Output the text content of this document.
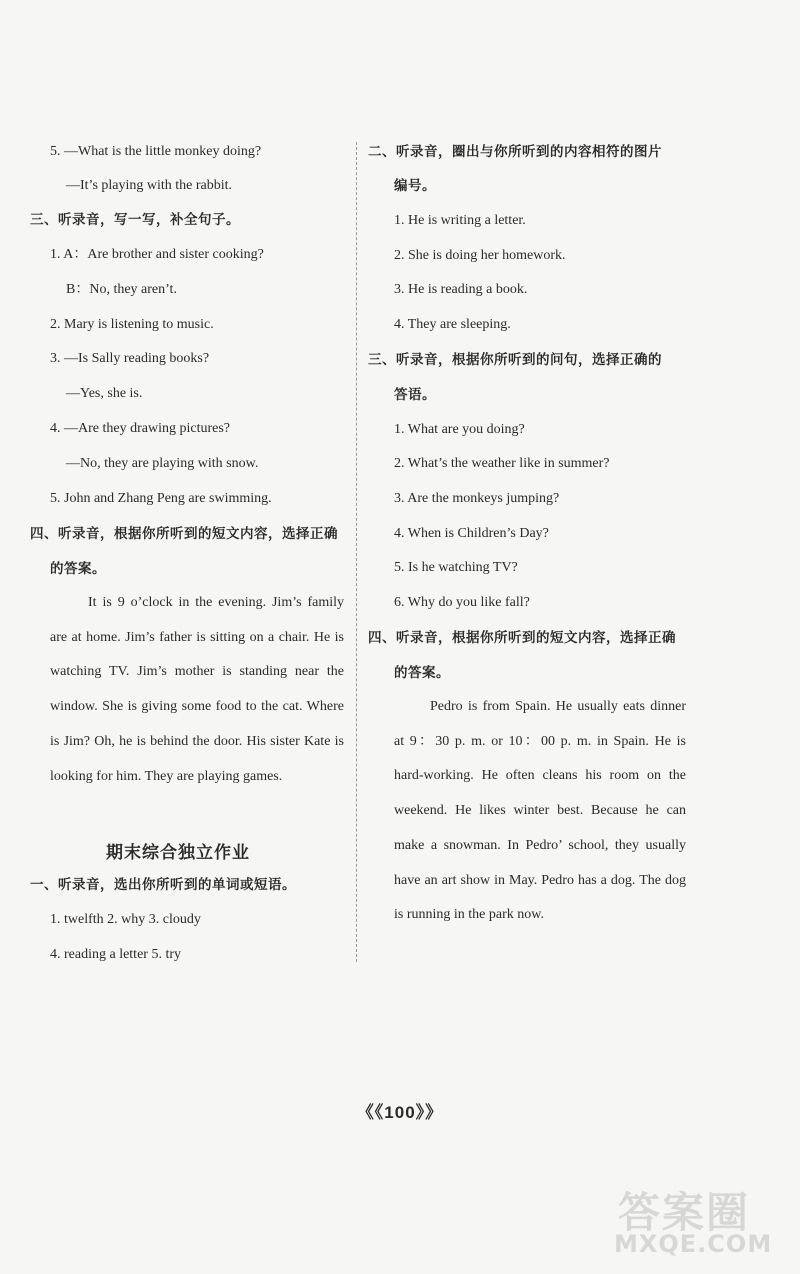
5. —What is the little monkey doing?
—It’s playing with the rabbit.
三、听录音，写一写，补全句子。
1. A：Are brother and sister cooking?
B：No, they aren’t.
2. Mary is listening to music.
3. —Is Sally reading books?
—Yes, she is.
4. —Are they drawing pictures?
—No, they are playing with snow.
5. John and Zhang Peng are swimming.
四、听录音，根据你所听到的短文内容，选择正确
的答案。

It is 9 o’clock in the evening. Jim’s family are at home. Jim’s father is sitting on a chair. He is watching TV. Jim’s mother is standing near the window. She is giving some food to the cat. Where is Jim? Oh, he is behind the door. His sister Kate is looking for him. They are playing games.

期末综合独立作业
一、听录音，选出你所听到的单词或短语。
1. twelfth 2. why 3. cloudy
4. reading a letter 5. try
二、听录音，圈出与你所听到的内容相符的图片
编号。
1. He is writing a letter.
2. She is doing her homework.
3. He is reading a book.
4. They are sleeping.
三、听录音，根据你所听到的问句，选择正确的
答语。
1. What are you doing?
2. What’s the weather like in summer?
3. Are the monkeys jumping?
4. When is Children’s Day?
5. Is he watching TV?
6. Why do you like fall?
四、听录音，根据你所听到的短文内容，选择正确
的答案。

Pedro is from Spain. He usually eats dinner at 9：30 p. m. or 10：00 p. m. in Spain. He is hard-working. He often cleans his room on the weekend. He likes winter best. Because he can make a snowman. In Pedro’ school, they usually have an art show in May. Pedro has a dog. The dog is running in the park now.

《《100》》
答案圈
MXQE.COM
